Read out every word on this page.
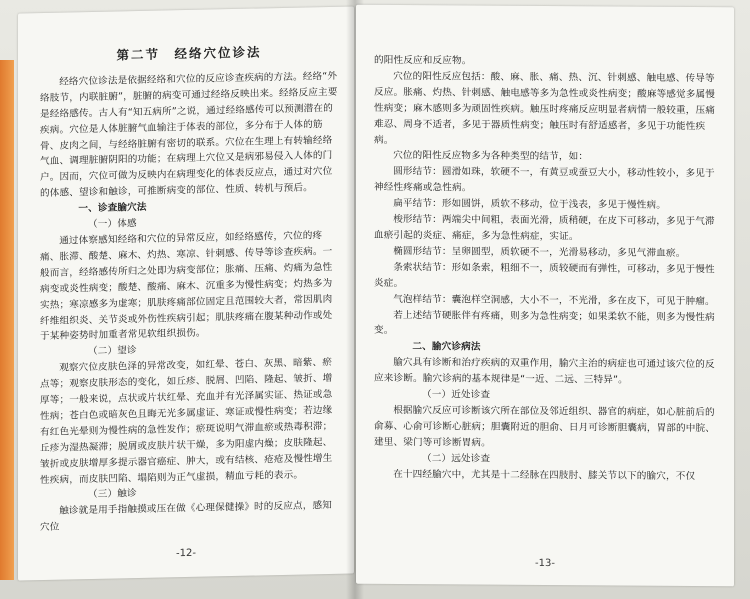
第二节　经络穴位诊法

经络穴位诊法是依据经络和穴位的反应诊查疾病的方法。经络“外络肢节，内联脏腑”，脏腑的病变可通过经络反映出来。经络反应主要是经络感传。古人有“知五病所”之说，通过经络感传可以预测潜在的疾病。穴位是人体脏腑气血输注于体表的部位，多分布于人体的筋骨、皮肉之间，与经络脏腑有密切的联系。穴位在生理上有转输经络气血、调理脏腑阴阳的功能；在病理上穴位又是病邪易侵入人体的门户。因而，穴位可做为反映内在病理变化的体表反应点，通过对穴位的体感、望诊和触诊，可推断病变的部位、性质、转机与预后。

一、诊查腧穴法

（一）体感

通过体察感知经络和穴位的异常反应，如经络感传，穴位的疼痛、胀滞、酸楚、麻木、灼热、寒凉、针刺感、传导等诊查疾病。一般而言，经络感传所归之处即为病变部位；胀痛、压痛、灼痛为急性病变或炎性病变；酸楚、酸痛、麻木、沉重多为慢性病变；灼热多为实热；寒凉感多为虚寒；肌肤疼痛部位固定且范围较大者，常因肌肉纤维组织炎、关节炎或外伤性疾病引起；肌肤疼痛在腹某种动作或处于某种姿势时加重者常见软组织损伤。

（二）望诊

观察穴位皮肤色泽的异常改变，如红晕、苍白、灰黑、暗紫、瘀点等；观察皮肤形态的变化，如丘疹、脱屑、凹陷、隆起、皱折、增厚等；一般来说，点状或片状红晕、充血并有光泽属实证、热证或急性病；苍白色或暗灰色且晦无光多属虚证、寒证或慢性病变；若边缘有红色光晕则为慢性病的急性发作；瘀斑说明气滞血瘀或热毒积滞；丘疹为湿热凝滞；脱屑或皮肤片状干燥，多为阳虚内燥；皮肤隆起、皱折或皮肤增厚多提示器官癌症、肿大，或有结核、疮疮及慢性增生性疾病，而皮肤凹陷、塌陷则为正气虚损，精血亏耗的表示。

（三）触诊

触诊就是用手指触摸或压在做《心理保健操》时的反应点，感知穴位

-12-

的阳性反应和反应物。

穴位的阳性反应包括：酸、麻、胀、痛、热、沉、针刺感、触电感、传导等反应。胀痛、灼热、针刺感、触电感等多为急性或炎性病变；酸麻等感觉多属慢性病变；麻木感则多为顽固性疾病。触压时疼痛反应明显者病情一般较重，压痛难忍、周身不适者，多见于器质性病变；触压时有舒适感者，多见于功能性疾病。

穴位的阳性反应物多为各种类型的结节，如：

圆形结节：圆滑如珠，软硬不一，有黄豆或蚕豆大小，移动性较小，多见于神经性疼痛或急性病。

扁平结节：形如圆饼，质软不移动，位于浅表，多见于慢性病。

梭形结节：两端尖中间粗，表面光滑，质稍硬，在皮下可移动，多见于气滞血瘀引起的炎症、痛症，多为急性病症，实证。

椭圆形结节：呈卵圆型，质软硬不一，光滑易移动，多见气滞血瘀。

条索状结节：形如条索，粗细不一，质较硬而有弹性，可移动，多见于慢性炎症。

气泡样结节：囊泡样空洞感，大小不一，不光滑，多在皮下，可见于肿瘤。

若上述结节硬胀伴有疼痛，则多为急性病变；如果柔软不能，则多为慢性病变。

二、腧穴诊病法

腧穴具有诊断和治疗疾病的双重作用，腧穴主治的病症也可通过该穴位的反应来诊断。腧穴诊病的基本规律是“一近、二远、三特异”。

（一）近处诊查

根据腧穴反应可诊断该穴所在部位及邻近组织、器官的病症，如心脏前后的俞募、心俞可诊断心脏病；胆囊附近的胆俞、日月可诊断胆囊病，胃部的中脘、建里、梁门等可诊断胃病。

（二）远处诊查

在十四经腧穴中，尤其是十二经脉在四肢肘、膝关节以下的腧穴，不仅

-13-
